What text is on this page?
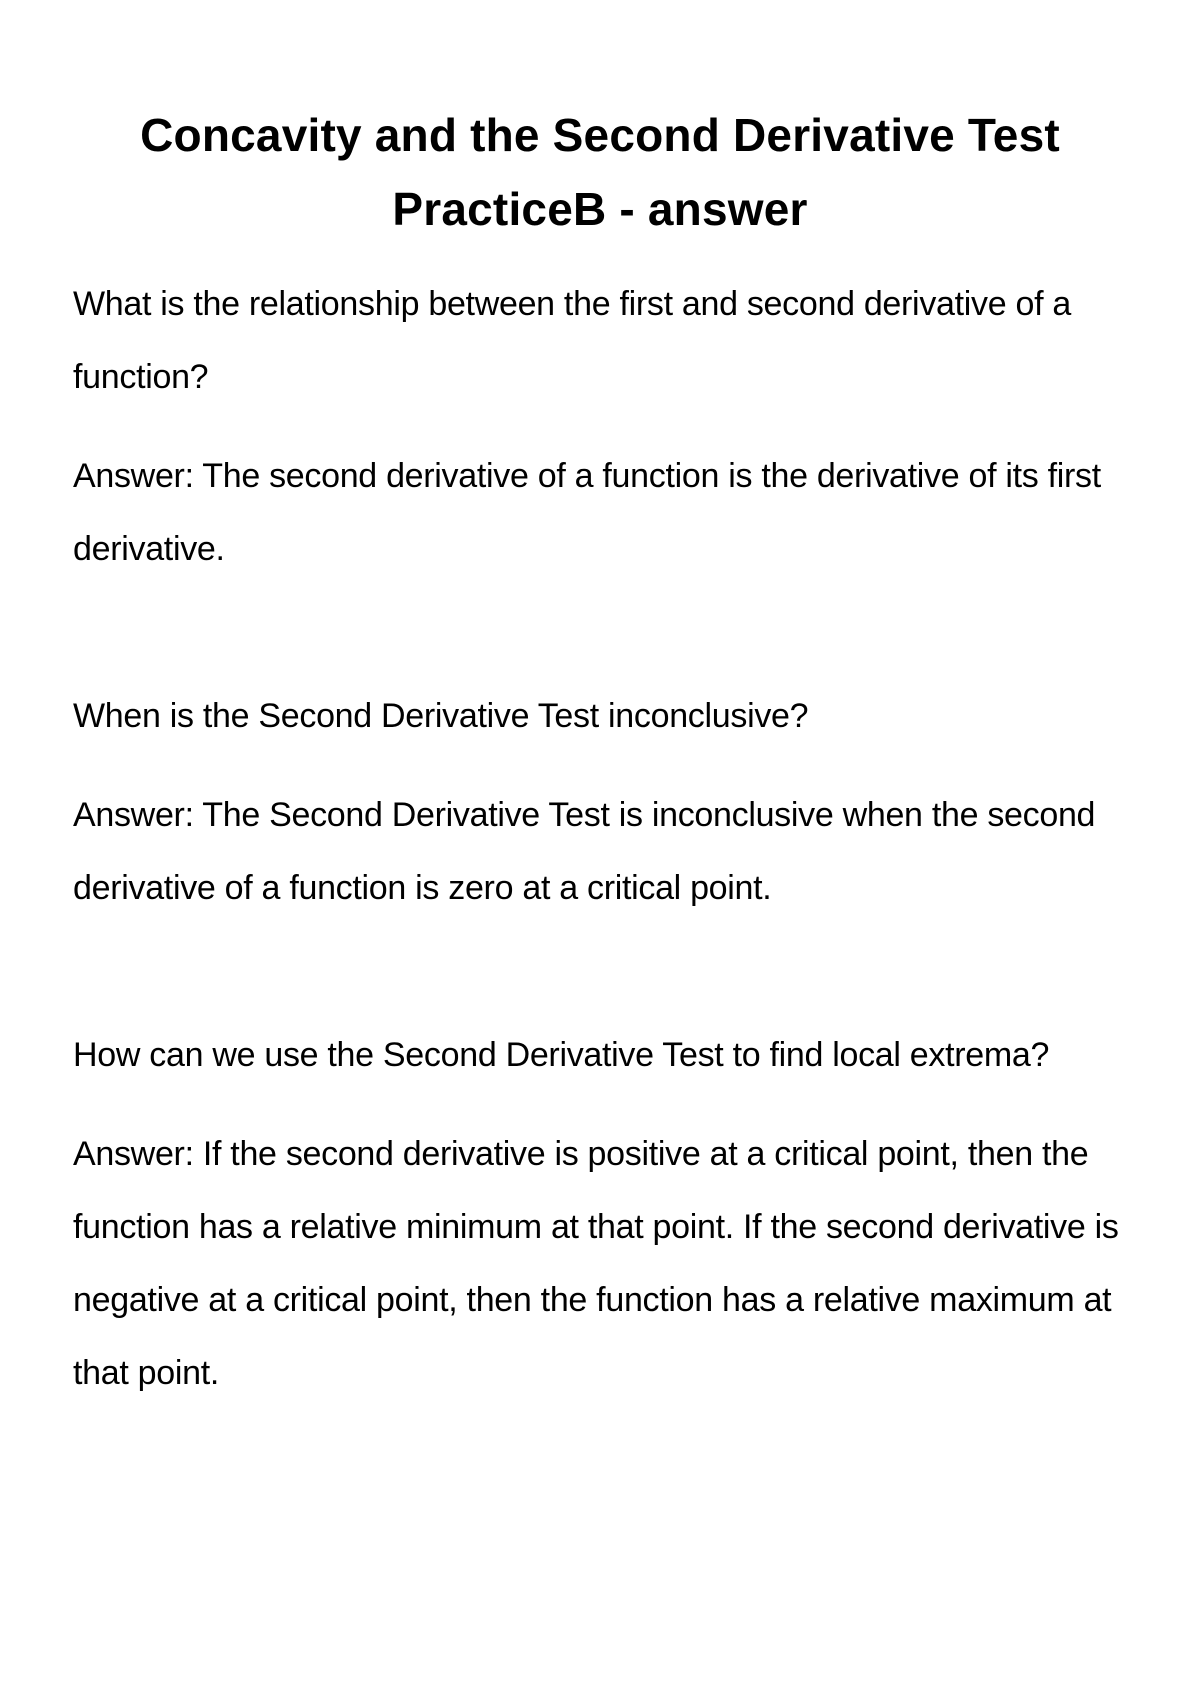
Concavity and the Second Derivative Test
PracticeB - answer

What is the relationship between the first and second derivative of a function?

Answer: The second derivative of a function is the derivative of its first derivative.

When is the Second Derivative Test inconclusive?

Answer: The Second Derivative Test is inconclusive when the second derivative of a function is zero at a critical point.

How can we use the Second Derivative Test to find local extrema?

Answer: If the second derivative is positive at a critical point, then the function has a relative minimum at that point. If the second derivative is negative at a critical point, then the function has a relative maximum at that point.
